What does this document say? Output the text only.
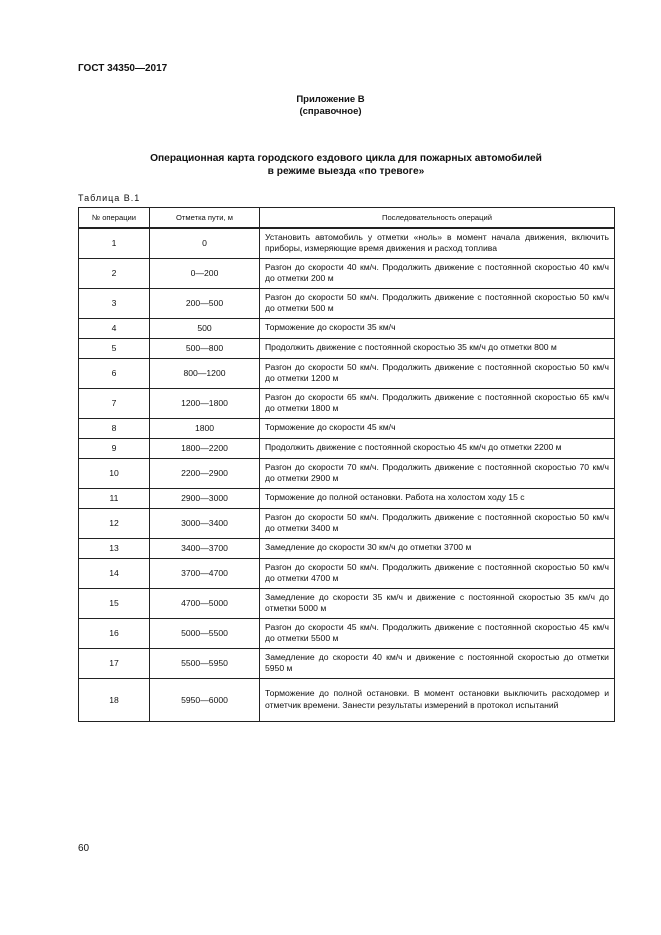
ГОСТ 34350—2017
Приложение В
(справочное)
Операционная карта городского ездового цикла для пожарных автомобилей
в режиме выезда «по тревоге»
Таблица В.1
№ операции	Отметка пути, м	Последовательность операций
1	0	Установить автомобиль у отметки «ноль» в момент начала движения, включить приборы, измеряющие время движения и расход топлива
2	0—200	Разгон до скорости 40 км/ч. Продолжить движение с постоянной скоростью 40 км/ч до отметки 200 м
3	200—500	Разгон до скорости 50 км/ч. Продолжить движение с постоянной скоростью 50 км/ч до отметки 500 м
4	500	Торможение до скорости 35 км/ч
5	500—800	Продолжить движение с постоянной скоростью 35 км/ч до отметки 800 м
6	800—1200	Разгон до скорости 50 км/ч. Продолжить движение с постоянной скоростью 50 км/ч до отметки 1200 м
7	1200—1800	Разгон до скорости 65 км/ч. Продолжить движение с постоянной скоростью 65 км/ч до отметки 1800 м
8	1800	Торможение до скорости 45 км/ч
9	1800—2200	Продолжить движение с постоянной скоростью 45 км/ч до отметки 2200 м
10	2200—2900	Разгон до скорости 70 км/ч. Продолжить движение с постоянной скоростью 70 км/ч до отметки 2900 м
11	2900—3000	Торможение до полной остановки. Работа на холостом ходу 15 с
12	3000—3400	Разгон до скорости 50 км/ч. Продолжить движение с постоянной скоростью 50 км/ч до отметки 3400 м
13	3400—3700	Замедление до скорости 30 км/ч до отметки 3700 м
14	3700—4700	Разгон до скорости 50 км/ч. Продолжить движение с постоянной скоростью 50 км/ч до отметки 4700 м
15	4700—5000	Замедление до скорости 35 км/ч и движение с постоянной скоростью 35 км/ч до отметки 5000 м
16	5000—5500	Разгон до скорости 45 км/ч. Продолжить движение с постоянной скоростью 45 км/ч до отметки 5500 м
17	5500—5950	Замедление до скорости 40 км/ч и движение с постоянной скоростью до отметки 5950 м
18	5950—6000	Торможение до полной остановки. В момент остановки выключить расходомер и отметчик времени. Занести результаты измерений в протокол испытаний
60
